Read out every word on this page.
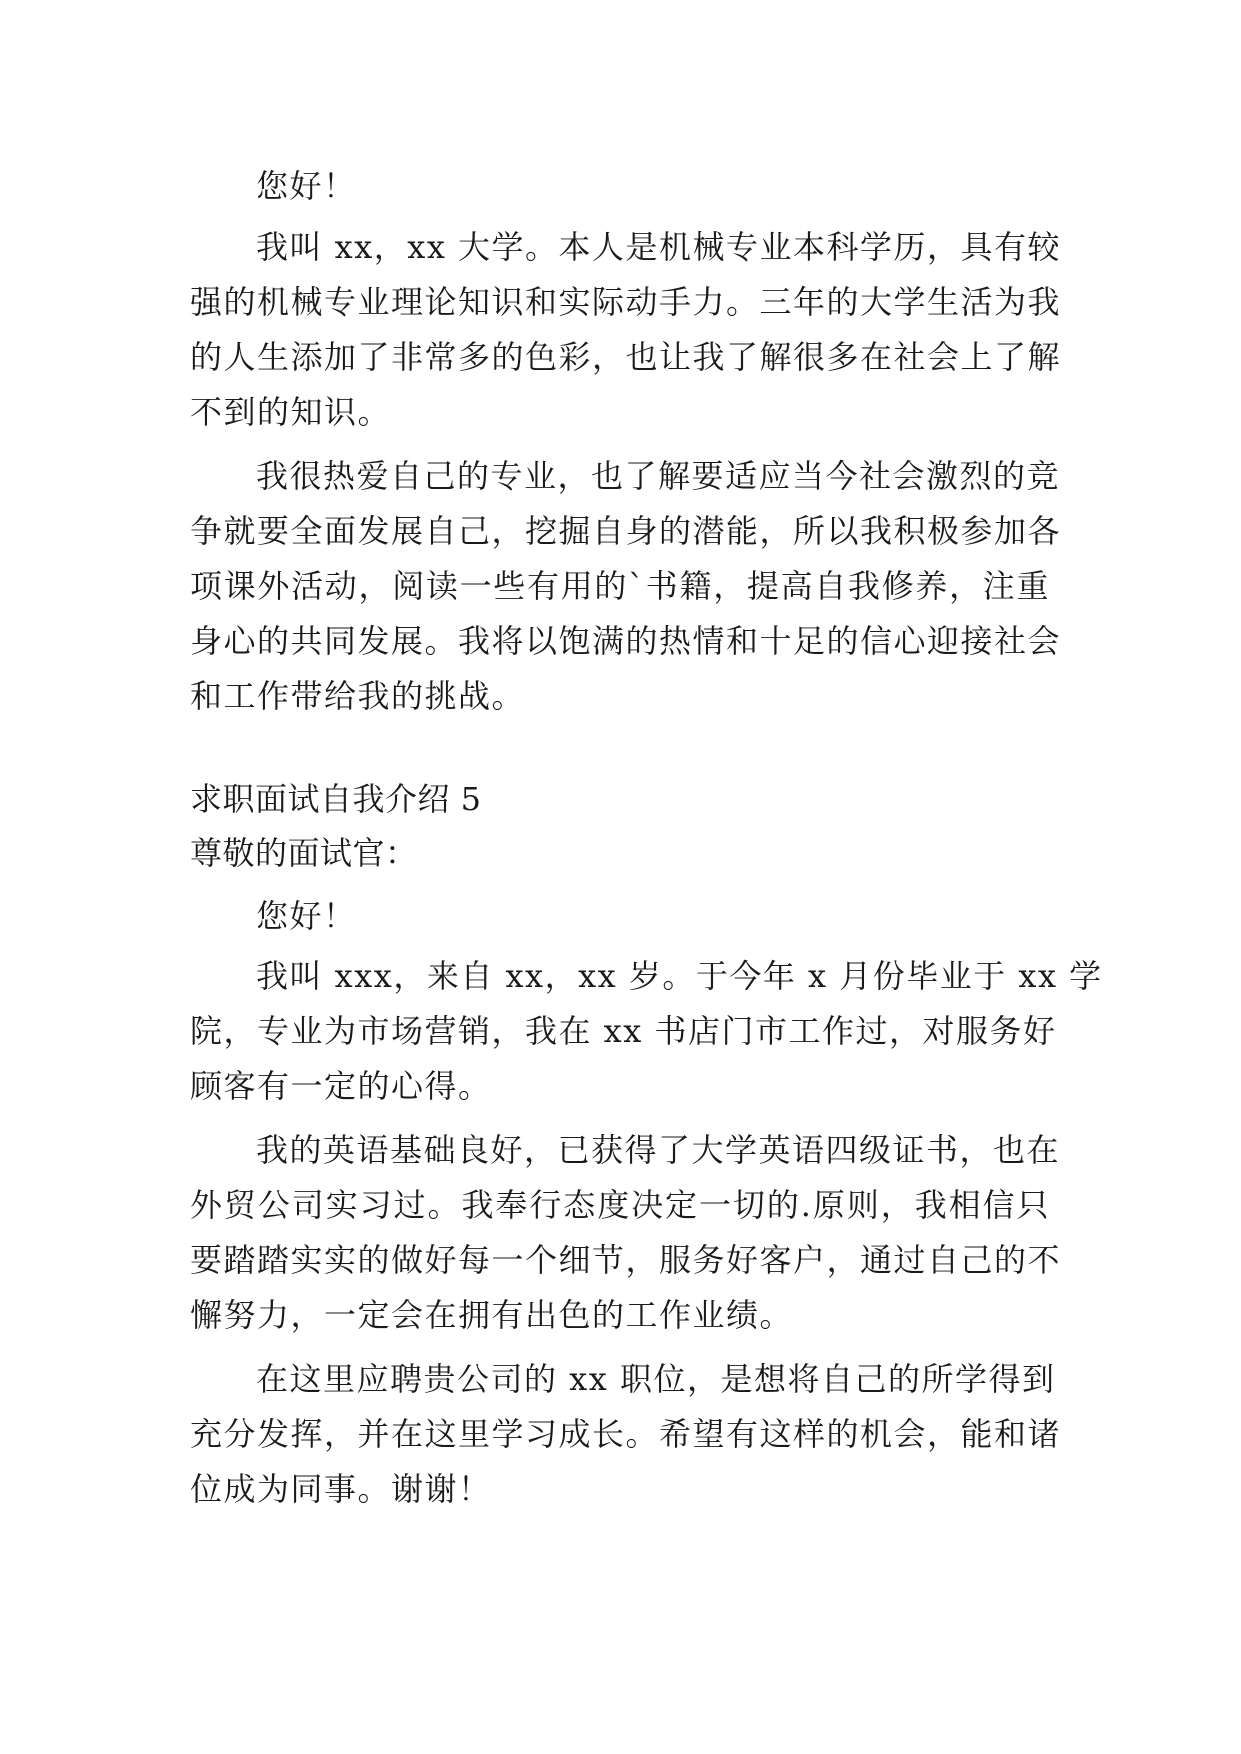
您好！
我叫 xx，xx 大学。本人是机械专业本科学历，具有较
强的机械专业理论知识和实际动手力。三年的大学生活为我
的人生添加了非常多的色彩，也让我了解很多在社会上了解
不到的知识。
我很热爱自己的专业，也了解要适应当今社会激烈的竞
争就要全面发展自己，挖掘自身的潜能，所以我积极参加各
项课外活动，阅读一些有用的`书籍，提高自我修养，注重
身心的共同发展。我将以饱满的热情和十足的信心迎接社会
和工作带给我的挑战。
求职面试自我介绍 5
尊敬的面试官：
您好！
我叫 xxx，来自 xx，xx 岁。于今年 x 月份毕业于 xx 学
院，专业为市场营销，我在 xx 书店门市工作过，对服务好
顾客有一定的心得。
我的英语基础良好，已获得了大学英语四级证书，也在
外贸公司实习过。我奉行态度决定一切的.原则，我相信只
要踏踏实实的做好每一个细节，服务好客户，通过自己的不
懈努力，一定会在拥有出色的工作业绩。
在这里应聘贵公司的 xx 职位，是想将自己的所学得到
充分发挥，并在这里学习成长。希望有这样的机会，能和诸
位成为同事。谢谢！
